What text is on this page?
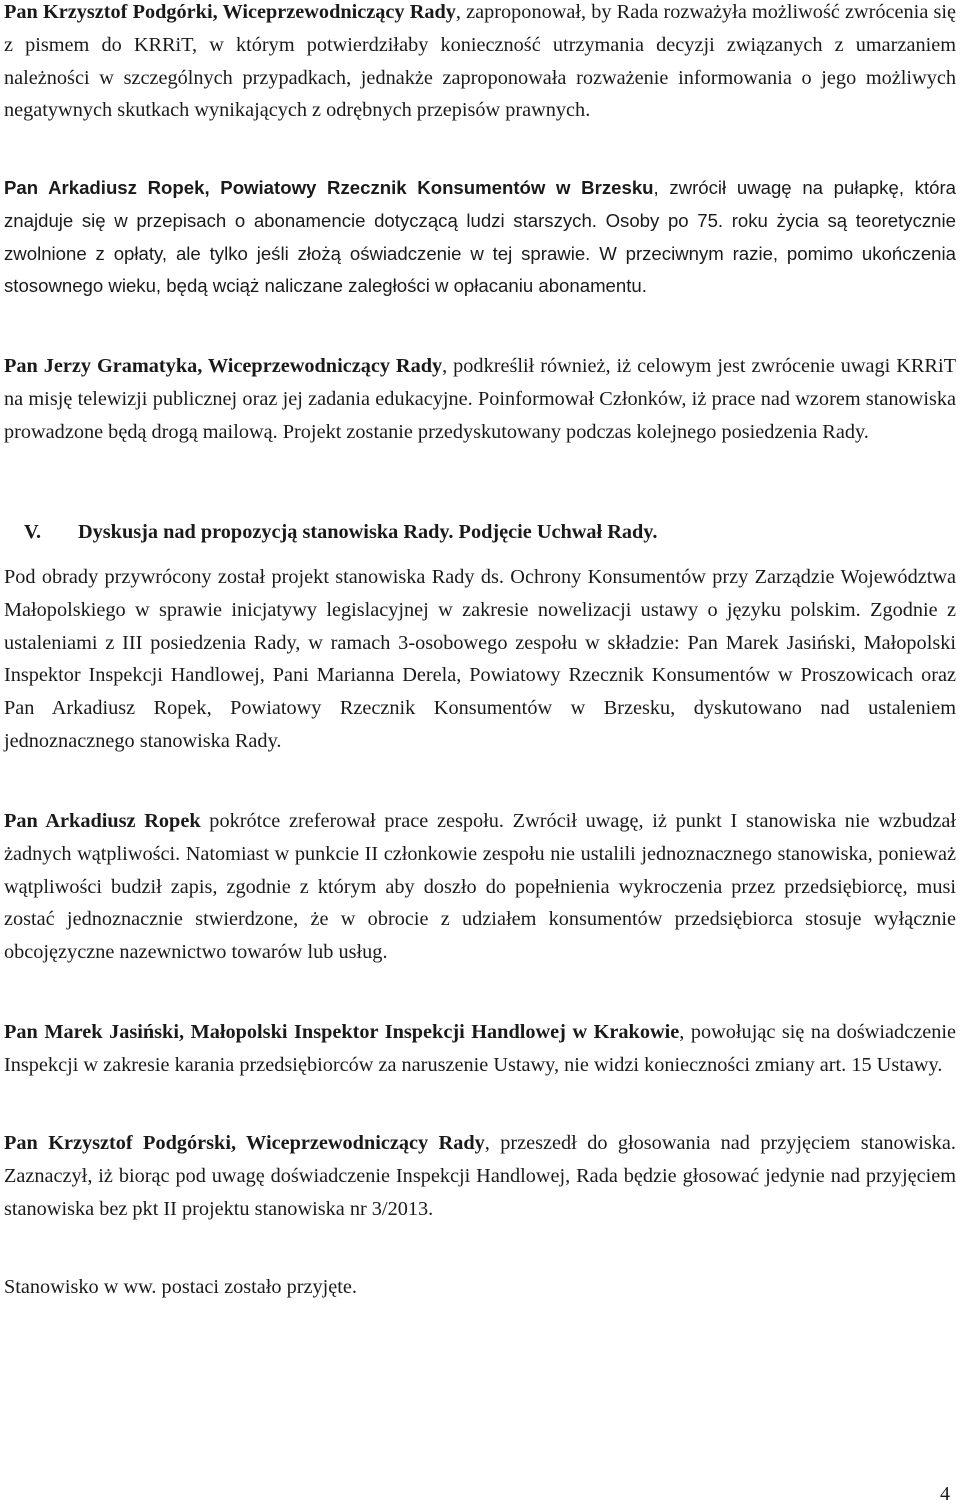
Pan Krzysztof Podgórki, Wiceprzewodniczący Rady, zaproponował, by Rada rozważyła możliwość zwrócenia się z pismem do KRRiT, w którym potwierdziłaby konieczność utrzymania decyzji związanych z umarzaniem należności w szczególnych przypadkach, jednakże zaproponowała rozważenie informowania o jego możliwych negatywnych skutkach wynikających z odrębnych przepisów prawnych.

Pan Arkadiusz Ropek, Powiatowy Rzecznik Konsumentów w Brzesku, zwrócił uwagę na pułapkę, która znajduje się w przepisach o abonamencie dotyczącą ludzi starszych. Osoby po 75. roku życia są teoretycznie zwolnione z opłaty, ale tylko jeśli złożą oświadczenie w tej sprawie. W przeciwnym razie, pomimo ukończenia stosownego wieku, będą wciąż naliczane zaległości w opłacaniu abonamentu.

Pan Jerzy Gramatyka, Wiceprzewodniczący Rady, podkreślił również, iż celowym jest zwrócenie uwagi KRRiT na misję telewizji publicznej oraz jej zadania edukacyjne. Poinformował Członków, iż prace nad wzorem stanowiska prowadzone będą drogą mailową. Projekt zostanie przedyskutowany podczas kolejnego posiedzenia Rady.

V. Dyskusja nad propozycją stanowiska Rady. Podjęcie Uchwał Rady.

Pod obrady przywrócony został projekt stanowiska Rady ds. Ochrony Konsumentów przy Zarządzie Województwa Małopolskiego w sprawie inicjatywy legislacyjnej w zakresie nowelizacji ustawy o języku polskim. Zgodnie z ustaleniami z III posiedzenia Rady, w ramach 3-osobowego zespołu w składzie: Pan Marek Jasiński, Małopolski Inspektor Inspekcji Handlowej, Pani Marianna Derela, Powiatowy Rzecznik Konsumentów w Proszowicach oraz Pan Arkadiusz Ropek, Powiatowy Rzecznik Konsumentów w Brzesku, dyskutowano nad ustaleniem jednoznacznego stanowiska Rady.

Pan Arkadiusz Ropek pokrótce zreferował prace zespołu. Zwrócił uwagę, iż punkt I stanowiska nie wzbudzał żadnych wątpliwości. Natomiast w punkcie II członkowie zespołu nie ustalili jednoznacznego stanowiska, ponieważ wątpliwości budził zapis, zgodnie z którym aby doszło do popełnienia wykroczenia przez przedsiębiorcę, musi zostać jednoznacznie stwierdzone, że w obrocie z udziałem konsumentów przedsiębiorca stosuje wyłącznie obcojęzyczne nazewnictwo towarów lub usług.

Pan Marek Jasiński, Małopolski Inspektor Inspekcji Handlowej w Krakowie, powołując się na doświadczenie Inspekcji w zakresie karania przedsiębiorców za naruszenie Ustawy, nie widzi konieczności zmiany art. 15 Ustawy.

Pan Krzysztof Podgórski, Wiceprzewodniczący Rady, przeszedł do głosowania nad przyjęciem stanowiska. Zaznaczył, iż biorąc pod uwagę doświadczenie Inspekcji Handlowej, Rada będzie głosować jedynie nad przyjęciem stanowiska bez pkt II projektu stanowiska nr 3/2013.

Stanowisko w ww. postaci zostało przyjęte.

4
